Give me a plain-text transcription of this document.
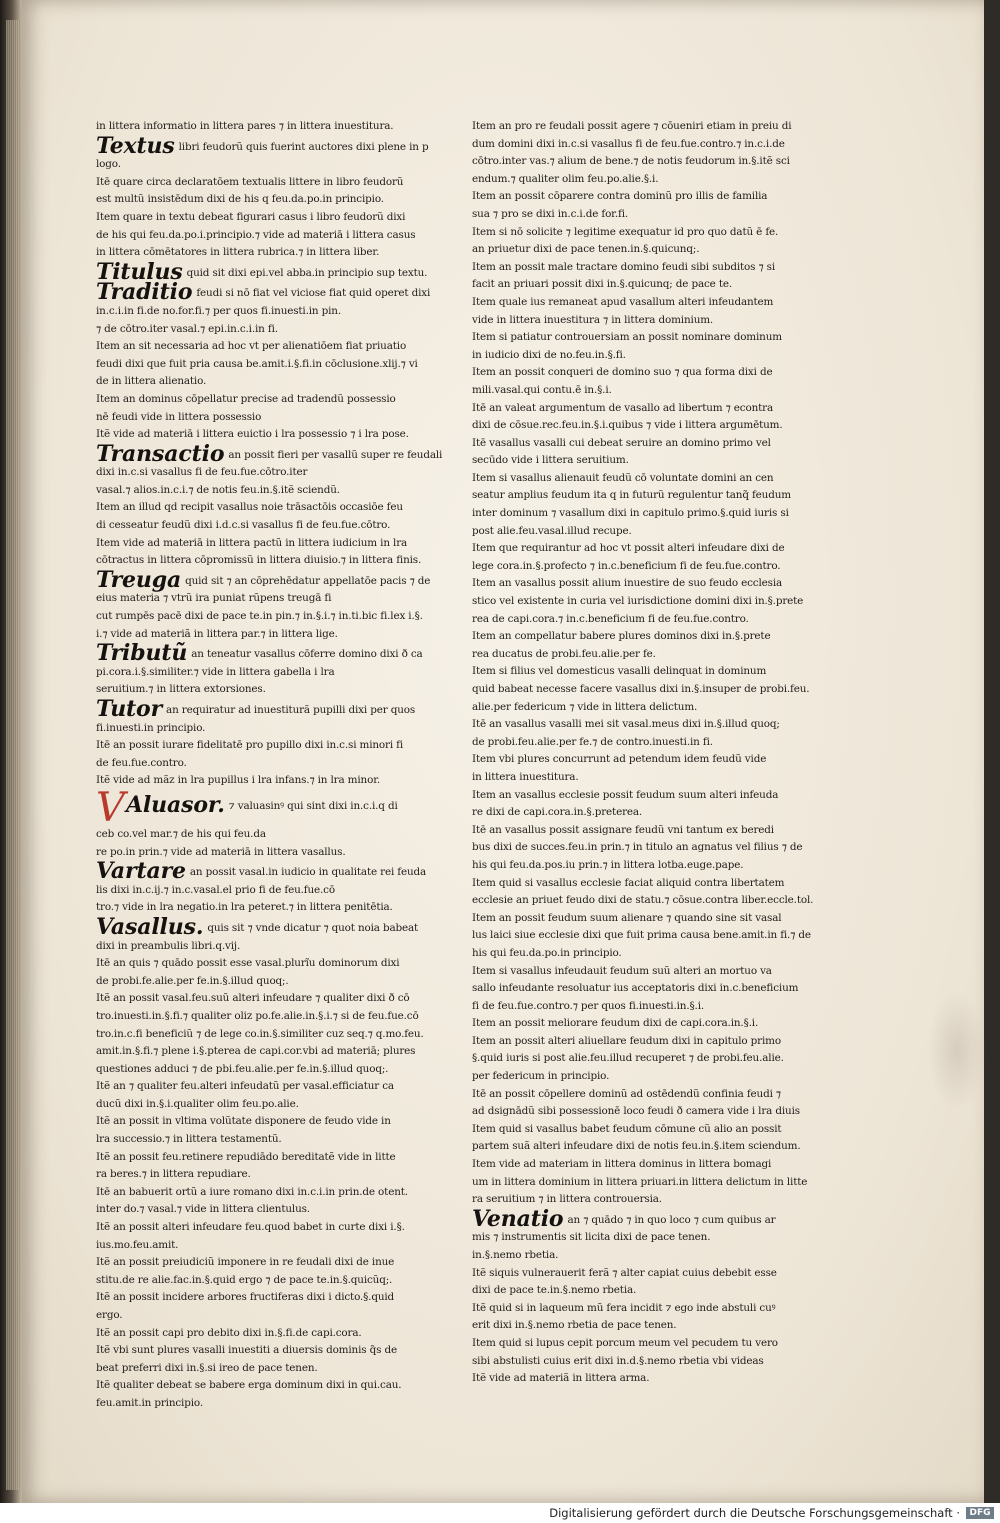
in littera informatio in littera pares ⁊ in littera inuestitura.
Textus libri feudorũ quis fuerint auctores dixi plene in p
logo.
Itē quare circa declaratōem textualis littere in libro feudorũ
est multũ insistēdum dixi de his q feu.da.po.in principio.
Item quare in textu debeat figurari casus i libro feudorũ dixi
de his qui feu.da.po.i.principio.⁊ vide ad materiā i littera casus
in littera cōmētatores in littera rubrica.⁊ in littera liber.
Titulus quid sit dixi epi.vel abba.in principio sup textu.
Traditio feudi si nō fiat vel viciose fiat quid operet dixi
in.c.i.in fi.de no.for.fi.⁊ per quos fi.inuesti.in pin.
⁊ de cōtro.iter vasal.⁊ epi.in.c.i.in fi.
Item an sit necessaria ad hoc vt per alienatiōem fiat priuatio
feudi dixi que fuit pria causa be.amit.i.§.fi.in cōclusione.xlij.⁊ vi
de in littera alienatio.
Item an dominus cōpellatur precise ad tradendũ possessio
nē feudi vide in littera possessio
Itẽ vide ad materiā i littera euictio i lra possessio ⁊ i lra pose.
Transactio an possit fieri per vasallũ super re feudali
dixi in.c.si vasallus fi de feu.fue.cōtro.iter
vasal.⁊ alios.in.c.i.⁊ de notis feu.in.§.itẽ sciendũ.
Item an illud qd recipit vasallus noie trāsactōis occasiōe feu
di cesseatur feudũ dixi i.d.c.si vasallus fi de feu.fue.cōtro.
Item vide ad materiā in littera pactũ in littera iudicium in lra
cōtractus in littera cōpromissũ in littera diuisio.⁊ in littera finis.
Treuga quid sit ⁊ an cōprehēdatur appellatōe pacis ⁊ de
eius materia ⁊ vtrũ ira puniat rũpens treugā fi
cut rumpēs pacē dixi de pace te.in pin.⁊ in.§.i.⁊ in.ti.bic fi.lex i.§.
i.⁊ vide ad materiã in littera par.⁊ in littera lige.
Tributũ an teneatur vasallus cōferre domino dixi ð ca
pi.cora.i.§.similiter.⁊ vide in littera gabella i lra
seruitium.⁊ in littera extorsiones.
Tutor an requiratur ad inuestiturã pupilli dixi per quos
fi.inuesti.in principio.
Itē an possit iurare fidelitatē pro pupillo dixi in.c.si minori fi
de feu.fue.contro.
Itẽ vide ad mãz in lra pupillus i lra infans.⁊ in lra minor.
VAluasor. ⁊ valuasinꝰ qui sint dixi in.c.i.q di
ceb co.vel mar.⁊ de his qui feu.da
re po.in prin.⁊ vide ad materiā in littera vasallus.
Vartare an possit vasal.in iudicio in qualitate rei feuda
lis dixi in.c.ij.⁊ in.c.vasal.el prio fi de feu.fue.cō
tro.⁊ vide in lra negatio.in lra peteret.⁊ in littera penitētia.
Vasallus. quis sit ⁊ vnde dicatur ⁊ quot noia babeat
dixi in preambulis libri.q.vij.
Itē an quis ⁊ quādo possit esse vasal.plurĩu dominorum dixi
de probi.fe.alie.per fe.in.§.illud quoq;.
Itẽ an possit vasal.feu.suũ alteri infeudare ⁊ qualiter dixi ð cō
tro.inuesti.in.§.fi.⁊ qualiter oliz po.fe.alie.in.§.i.⁊ si de feu.fue.cō
tro.in.c.fi beneficiũ ⁊ de lege co.in.§.similiter cuz seq.⁊ q.mo.feu.
amit.in.§.fi.⁊ plene i.§.pterea de capi.cor.vbi ad materiā; plures
questiones adduci ⁊ de pbi.feu.alie.per fe.in.§.illud quoq;.
Itẽ an ⁊ qualiter feu.alteri infeudatũ per vasal.efficiatur ca
ducũ dixi in.§.i.qualiter olim feu.po.alie.
Itẽ an possit in vltima volũtate disponere de feudo vide in
lra successio.⁊ in littera testamentũ.
Itẽ an possit feu.retinere repudiādo bereditatẽ vide in litte
ra beres.⁊ in littera repudiare.
Itē an babuerit ortũ a iure romano dixi in.c.i.in prin.de otent.
inter do.⁊ vasal.⁊ vide in littera clientulus.
Itẽ an possit alteri infeudare feu.quod babet in curte dixi i.§.
ius.mo.feu.amit.
Itẽ an possit preiudiciũ imponere in re feudali dixi de inue
stitu.de re alie.fac.in.§.quid ergo ⁊ de pace te.in.§.quicũq;.
Itẽ an possit incidere arbores fructiferas dixi i dicto.§.quid
ergo.
Itẽ an possit capi pro debito dixi in.§.fi.de capi.cora.
Itẽ vbi sunt plures vasalli inuestiti a diuersis dominis q̃s de
beat preferri dixi in.§.si ireo de pace tenen.
Itẽ qualiter debeat se babere erga dominum dixi in qui.cau.
feu.amit.in principio.
Item an pro re feudali possit agere ⁊ cōueniri etiam in preiu di
dum domini dixi in.c.si vasallus fi de feu.fue.contro.⁊ in.c.i.de
cōtro.inter vas.⁊ alium de bene.⁊ de notis feudorum in.§.itẽ sci
endum.⁊ qualiter olim feu.po.alie.§.i.
Item an possit cōparere contra dominũ pro illis de familia
sua ⁊ pro se dixi in.c.i.de for.fi.
Item si nō solicite ⁊ legitime exequatur id pro quo datũ ē fe.
an priuetur dixi de pace tenen.in.§.quicunq;.
Item an possit male tractare domino feudi sibi subditos ⁊ si
facit an priuari possit dixi in.§.quicunq; de pace te.
Item quale ius remaneat apud vasallum alteri infeudantem
vide in littera inuestitura ⁊ in littera dominium.
Item si patiatur controuersiam an possit nominare dominum
in iudicio dixi de no.feu.in.§.fi.
Item an possit conqueri de domino suo ⁊ qua forma dixi de
mili.vasal.qui contu.ē in.§.i.
Itē an valeat argumentum de vasallo ad libertum ⁊ econtra
dixi de cōsue.rec.feu.in.§.i.quibus ⁊ vide i littera argumētum.
Itē vasallus vasalli cui debeat seruire an domino primo vel
secūdo vide i littera seruitium.
Item si vasallus alienauit feudũ cō voluntate domini an cen
seatur amplius feudum ita q in futurũ regulentur tanq̃ feudum
inter dominum ⁊ vasallum dixi in capitulo primo.§.quid iuris si
post alie.feu.vasal.illud recupe.
Item que requirantur ad hoc vt possit alteri infeudare dixi de
lege cora.in.§.profecto ⁊ in.c.beneficium fi de feu.fue.contro.
Item an vasallus possit alium inuestire de suo feudo ecclesia
stico vel existente in curia vel iurisdictione domini dixi in.§.prete
rea de capi.cora.⁊ in.c.beneficium fi de feu.fue.contro.
Item an compellatur babere plures dominos dixi in.§.prete
rea ducatus de probi.feu.alie.per fe.
Item si filius vel domesticus vasalli delinquat in dominum
quid babeat necesse facere vasallus dixi in.§.insuper de probi.feu.
alie.per federicum ⁊ vide in littera delictum.
Itē an vasallus vasalli mei sit vasal.meus dixi in.§.illud quoq;
de probi.feu.alie.per fe.⁊ de contro.inuesti.in fi.
Item vbi plures concurrunt ad petendum idem feudũ vide
in littera inuestitura.
Item an vasallus ecclesie possit feudum suum alteri infeuda
re dixi de capi.cora.in.§.preterea.
Itē an vasallus possit assignare feudũ vni tantum ex beredi
bus dixi de succes.feu.in prin.⁊ in titulo an agnatus vel filius ⁊ de
his qui feu.da.pos.iu prin.⁊ in littera lotba.euge.pape.
Item quid si vasallus ecclesie faciat aliquid contra libertatem
ecclesie an priuet feudo dixi de statu.⁊ cōsue.contra liber.eccle.tol.
Item an possit feudum suum alienare ⁊ quando sine sit vasal
lus laici siue ecclesie dixi que fuit prima causa bene.amit.in fi.⁊ de
his qui feu.da.po.in principio.
Item si vasallus infeudauit feudum suũ alteri an mortuo va
sallo infeudante resoluatur ius acceptatoris dixi in.c.beneficium
fi de feu.fue.contro.⁊ per quos fi.inuesti.in.§.i.
Item an possit meliorare feudum dixi de capi.cora.in.§.i.
Item an possit alteri aliuellare feudum dixi in capitulo primo
§.quid iuris si post alie.feu.illud recuperet ⁊ de probi.feu.alie.
per federicum in principio.
Itē an possit cōpellere dominũ ad ostēdendũ confinia feudi ⁊
ad dsignādũ sibi possessionē loco feudi ð camera vide i lra diuis
Item quid si vasallus babet feudum cōmune cũ alio an possit
partem suã alteri infeudare dixi de notis feu.in.§.item sciendum.
Item vide ad materiam in littera dominus in littera bomagi
um in littera dominium in littera priuari.in littera delictum in litte
ra seruitium ⁊ in littera controuersia.
Venatio an ⁊ quādo ⁊ in quo loco ⁊ cum quibus ar
mis ⁊ instrumentis sit licita dixi de pace tenen.
in.§.nemo rbetia.
Itẽ siquis vulnerauerit ferã ⁊ alter capiat cuius debebit esse
dixi de pace te.in.§.nemo rbetia.
Itẽ quid si in laqueum mũ fera incidit ⁊ ego inde abstuli cuꝰ
erit dixi in.§.nemo rbetia de pace tenen.
Item quid si lupus cepit porcum meum vel pecudem tu vero
sibi abstulisti cuius erit dixi in.d.§.nemo rbetia vbi videas
Itẽ vide ad materiã in littera arma.
Digitalisierung gefördert durch die Deutsche Forschungsgemeinschaft ·	DFG
